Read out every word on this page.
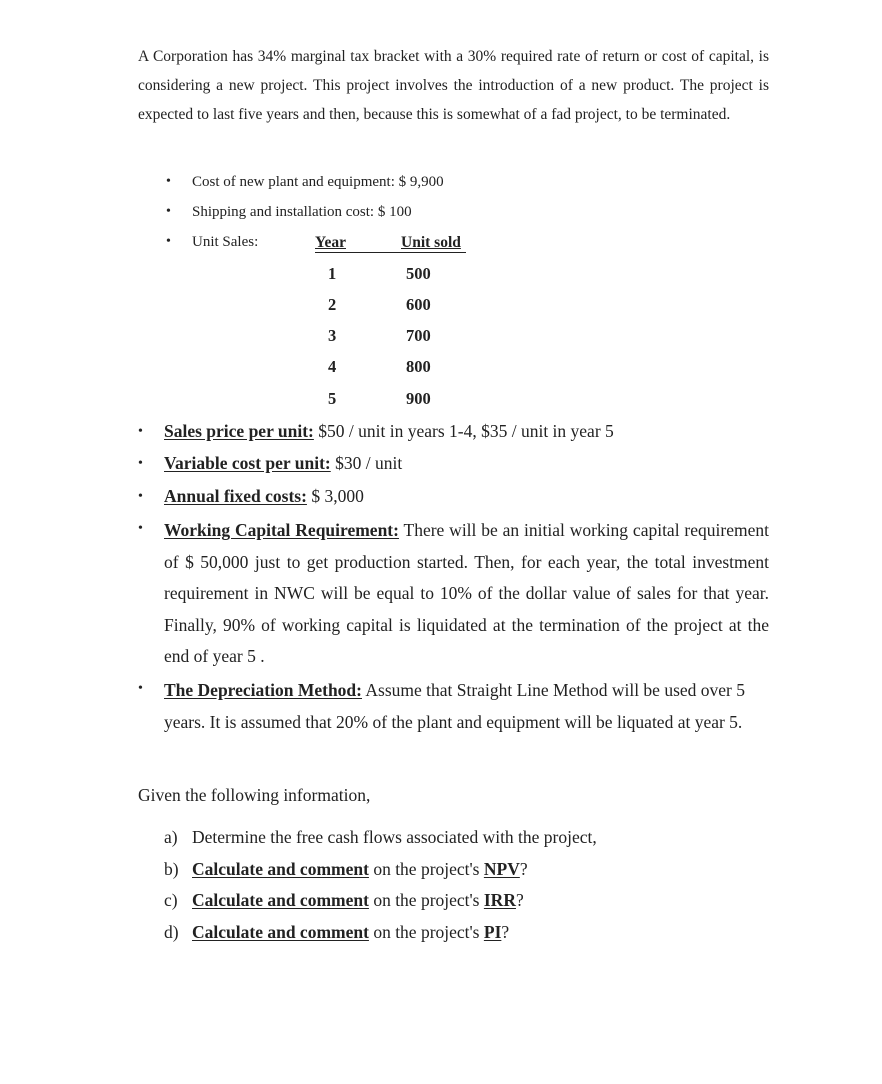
A Corporation has 34% marginal tax bracket with a 30% required rate of return or cost of capital, is considering a new project. This project involves the introduction of a new product. The project is expected to last five years and then, because this is somewhat of a fad project, to be terminated.
• Cost of new plant and equipment: $ 9,900
• Shipping and installation cost: $ 100
• Unit Sales:	Year	Unit sold
1	500
2	600
3	700
4	800
5	900
• Sales price per unit: $50 / unit in years 1-4, $35 / unit in year 5
• Variable cost per unit: $30 / unit
• Annual fixed costs: $ 3,000
• Working Capital Requirement: There will be an initial working capital requirement of $ 50,000 just to get production started. Then, for each year, the total investment requirement in NWC will be equal to 10% of the dollar value of sales for that year. Finally, 90% of working capital is liquidated at the termination of the project at the end of year 5 .
• The Depreciation Method: Assume that Straight Line Method will be used over 5 years. It is assumed that 20% of the plant and equipment will be liquated at year 5.
Given the following information,
a) Determine the free cash flows associated with the project,
b) Calculate and comment on the project's NPV?
c) Calculate and comment on the project's IRR?
d) Calculate and comment on the project's PI?
